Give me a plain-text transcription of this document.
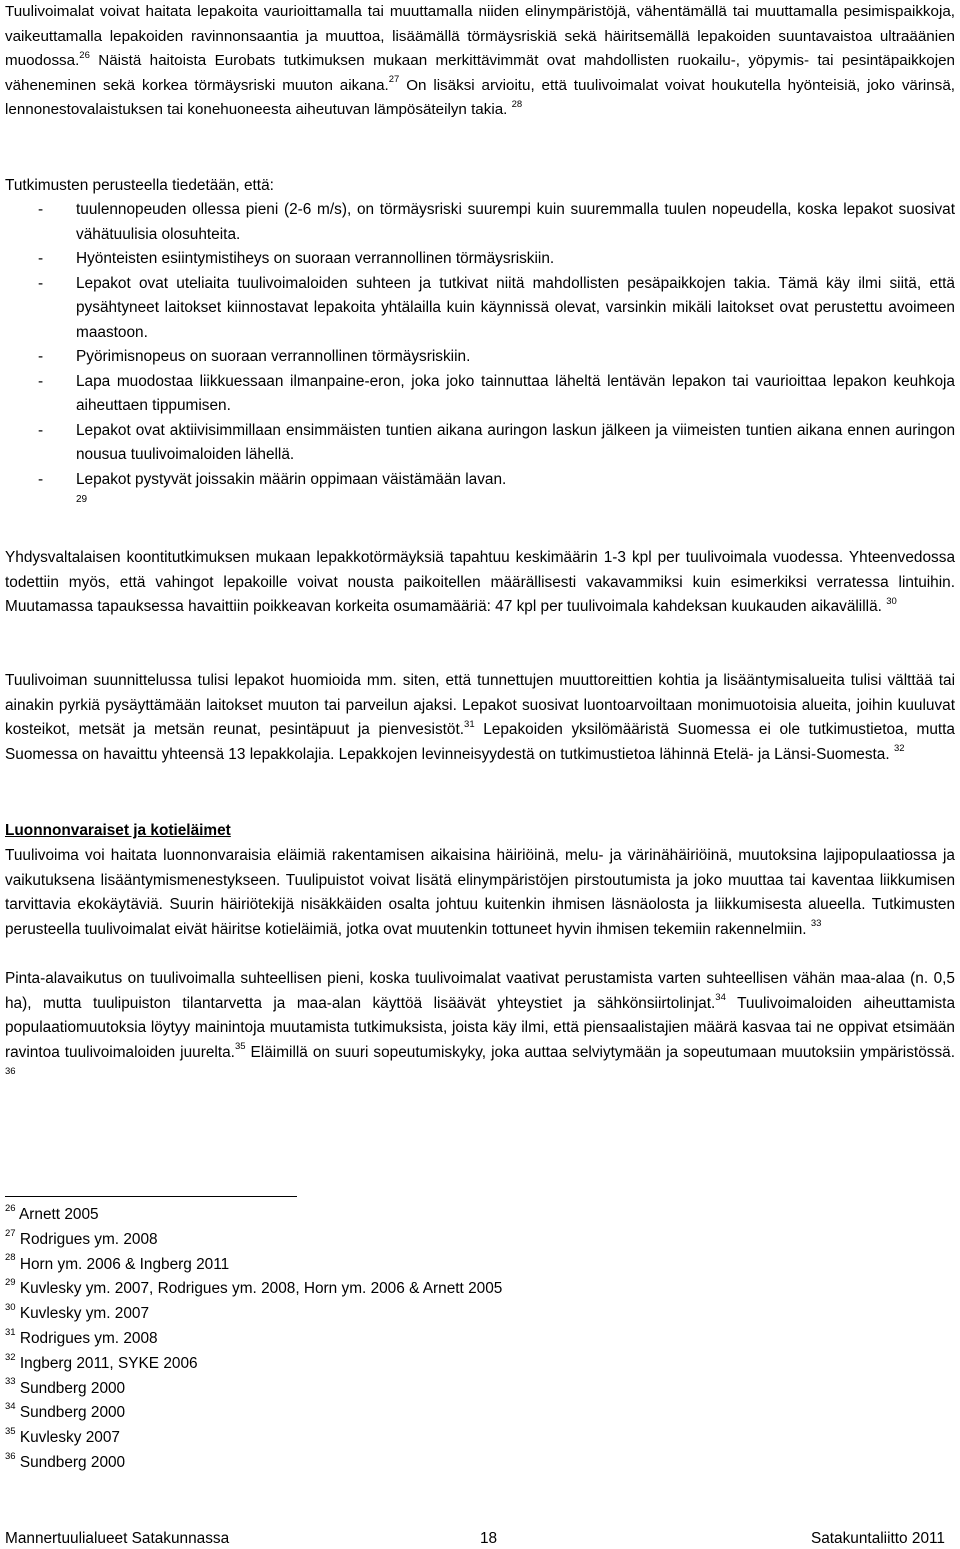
Tuulivoimalat voivat haitata lepakoita vaurioittamalla tai muuttamalla niiden elinympäristöjä, vähentämällä tai muuttamalla pesimispaikkoja, vaikeuttamalla lepakoiden ravinnonsaantia ja muuttoa, lisäämällä törmäysriskiä sekä häiritsemällä lepakoiden suuntavaistoa ultraäänien muodossa.$^{26}$ Näistä haitoista Eurobats tutkimuksen mukaan merkittävimmät ovat mahdollisten ruokailu-, yöpymis- tai pesintäpaikkojen väheneminen sekä korkea törmäysriski muuton aikana.$^{27}$ On lisäksi arvioitu, että tuulivoimalat voivat houkutella hyönteisiä, joko värinsä, lennonestovalaistuksen tai konehuoneesta aiheutuvan lämpösäteilyn takia. $^{28}$
Tutkimusten perusteella tiedetään, että:
- tuulennopeuden ollessa pieni (2-6 m/s), on törmäysriski suurempi kuin suuremmalla tuulen nopeudella, koska lepakot suosivat vähätuulisia olosuhteita.
- Hyönteisten esiintymistiheys on suoraan verrannollinen törmäysriskiin.
- Lepakot ovat uteliaita tuulivoimaloiden suhteen ja tutkivat niitä mahdollisten pesäpaikkojen takia. Tämä käy ilmi siitä, että pysähtyneet laitokset kiinnostavat lepakoita yhtälailla kuin käynnissä olevat, varsinkin mikäli laitokset ovat perustettu avoimeen maastoon.
- Pyörimisnopeus on suoraan verrannollinen törmäysriskiin.
- Lapa muodostaa liikkuessaan ilmanpaine-eron, joka joko tainnuttaa läheltä lentävän lepakon tai vaurioittaa lepakon keuhkoja aiheuttaen tippumisen.
- Lepakot ovat aktiivisimmillaan ensimmäisten tuntien aikana auringon laskun jälkeen ja viimeisten tuntien aikana ennen auringon nousua tuulivoimaloiden lähellä.
- Lepakot pystyvät joissakin määrin oppimaan väistämään lavan.
29
Yhdysvaltalaisen koontitutkimuksen mukaan lepakkotörmäyksiä tapahtuu keskimäärin 1-3 kpl per tuulivoimala vuodessa. Yhteenvedossa todettiin myös, että vahingot lepakoille voivat nousta paikoitellen määrällisesti vakavammiksi kuin esimerkiksi verratessa lintuihin. Muutamassa tapauksessa havaittiin poikkeavan korkeita osumamääriä: 47 kpl per tuulivoimala kahdeksan kuukauden aikavälillä. $^{30}$
Tuulivoiman suunnittelussa tulisi lepakot huomioida mm. siten, että tunnettujen muuttoreittien kohtia ja lisääntymisalueita tulisi välttää tai ainakin pyrkiä pysäyttämään laitokset muuton tai parveilun ajaksi. Lepakot suosivat luontoarvoiltaan monimuotoisia alueita, joihin kuuluvat kosteikot, metsät ja metsän reunat, pesintäpuut ja pienvesistöt.$^{31}$ Lepakoiden yksilömääristä Suomessa ei ole tutkimustietoa, mutta Suomessa on havaittu yhteensä 13 lepakkolajia. Lepakkojen levinneisyydestä on tutkimustietoa lähinnä Etelä- ja Länsi-Suomesta. $^{32}$
Luonnonvaraiset ja kotieläimet
Tuulivoima voi haitata luonnonvaraisia eläimiä rakentamisen aikaisina häiriöinä, melu- ja värinähäiriöinä, muutoksina lajipopulaatiossa ja vaikutuksena lisääntymismenestykseen. Tuulipuistot voivat lisätä elinympäristöjen pirstoutumista ja joko muuttaa tai kaventaa liikkumisen tarvittavia ekokäytäviä. Suurin häiriötekijä nisäkkäiden osalta johtuu kuitenkin ihmisen läsnäolosta ja liikkumisesta alueella. Tutkimusten perusteella tuulivoimalat eivät häiritse kotieläimiä, jotka ovat muutenkin tottuneet hyvin ihmisen tekemiin rakennelmiin. $^{33}$
Pinta-alavaikutus on tuulivoimalla suhteellisen pieni, koska tuulivoimalat vaativat perustamista varten suhteellisen vähän maa-alaa (n. 0,5 ha), mutta tuulipuiston tilantarvetta ja maa-alan käyttöä lisäävät yhteystiet ja sähkönsiirtolinjat.$^{34}$ Tuulivoimaloiden aiheuttamista populaatiomuutoksia löytyy mainintoja muutamista tutkimuksista, joista käy ilmi, että piensaalistajien määrä kasvaa tai ne oppivat etsimään ravintoa tuulivoimaloiden juurelta.$^{35}$ Eläimillä on suuri sopeutumiskyky, joka auttaa selviytymään ja sopeutumaan muutoksiin ympäristössä. $^{36}$
$^{26}$ Arnett 2005
$^{27}$ Rodrigues ym. 2008
$^{28}$ Horn ym. 2006 & Ingberg 2011
$^{29}$ Kuvlesky ym. 2007, Rodrigues ym. 2008, Horn ym. 2006 & Arnett 2005
$^{30}$ Kuvlesky ym. 2007
$^{31}$ Rodrigues ym. 2008
$^{32}$ Ingberg 2011, SYKE 2006
$^{33}$ Sundberg 2000
$^{34}$ Sundberg 2000
$^{35}$ Kuvlesky 2007
$^{36}$ Sundberg 2000
Mannertuulialueet Satakunnassa	18	Satakuntaliitto 2011
